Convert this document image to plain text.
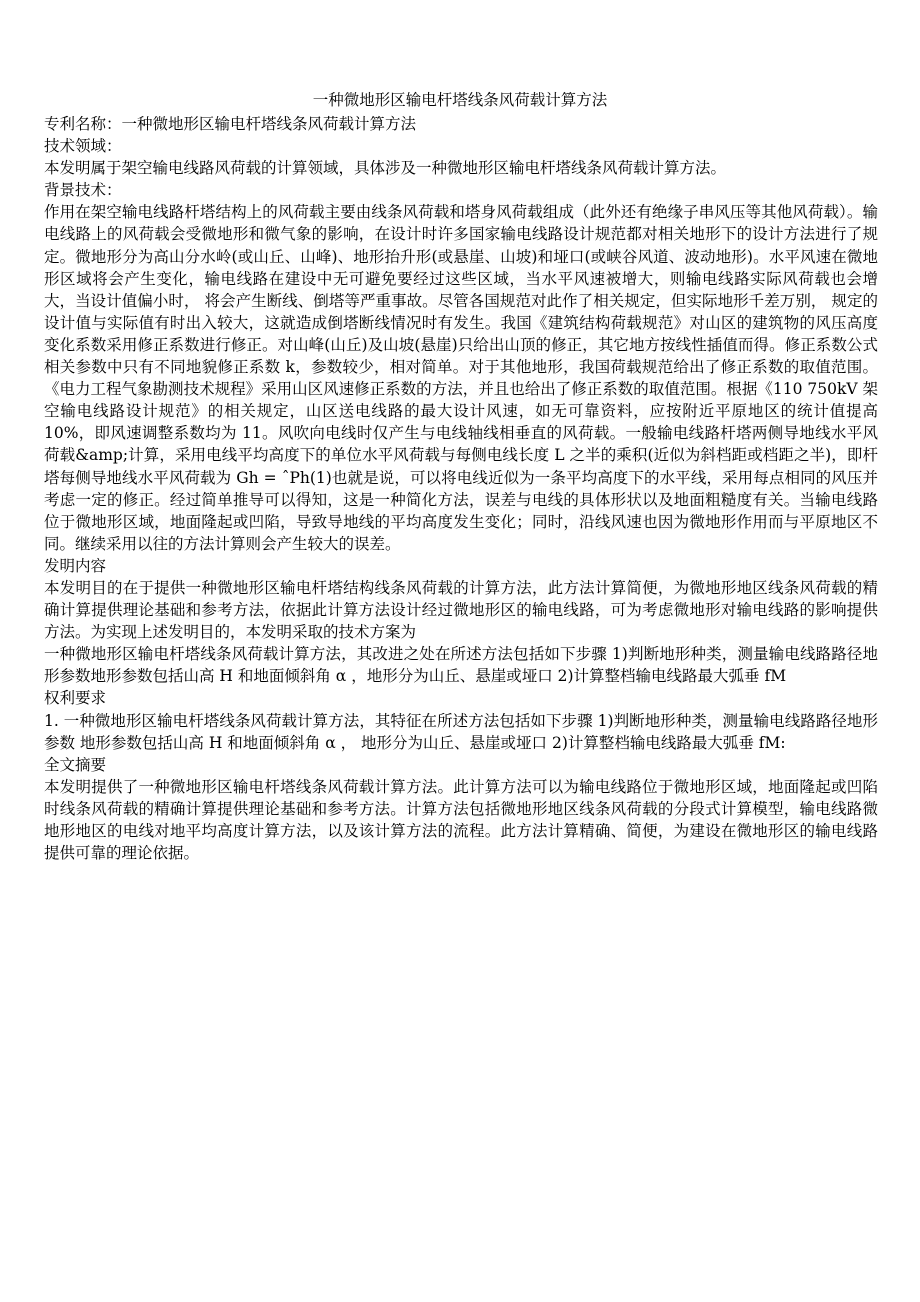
一种微地形区输电杆塔线条风荷载计算方法

专利名称：一种微地形区输电杆塔线条风荷载计算方法

技术领域：

本发明属于架空输电线路风荷载的计算领域，具体涉及一种微地形区输电杆塔线条风荷载计算方法。

背景技术：

作用在架空输电线路杆塔结构上的风荷载主要由线条风荷载和塔身风荷载组成（此外还有绝缘子串风压等其他风荷载）。输电线路上的风荷载会受微地形和微气象的影响，在设计时许多国家输电线路设计规范都对相关地形下的设计方法进行了规定。微地形分为高山分水岭(或山丘、山峰)、地形抬升形(或悬崖、山坡)和垭口(或峡谷风道、波动地形)。水平风速在微地形区域将会产生变化，输电线路在建设中无可避免要经过这些区域，当水平风速被增大，则输电线路实际风荷载也会增大，当设计值偏小时， 将会产生断线、倒塔等严重事故。尽管各国规范对此作了相关规定，但实际地形千差万别， 规定的设计值与实际值有时出入较大，这就造成倒塔断线情况时有发生。我国《建筑结构荷载规范》对山区的建筑物的风压高度变化系数采用修正系数进行修正。对山峰(山丘)及山坡(悬崖)只给出山顶的修正，其它地方按线性插值而得。修正系数公式相关参数中只有不同地貌修正系数 k，参数较少，相对简单。对于其他地形，我国荷载规范给出了修正系数的取值范围。《电力工程气象勘测技术规程》采用山区风速修正系数的方法，并且也给出了修正系数的取值范围。根据《110 750kV 架空输电线路设计规范》的相关规定，山区送电线路的最大设计风速，如无可靠资料，应按附近平原地区的统计值提高 10%，即风速调整系数均为 11。风吹向电线时仅产生与电线轴线相垂直的风荷载。一般输电线路杆塔两侧导地线水平风荷载&amp;计算，采用电线平均高度下的单位水平风荷载与每侧电线长度 L 之半的乘积(近似为斜档距或档距之半)，即杆塔每侧导地线水平风荷载为 Gh = ˆPh(1)也就是说，可以将电线近似为一条平均高度下的水平线，采用每点相同的风压并考虑一定的修正。经过简单推导可以得知，这是一种简化方法，误差与电线的具体形状以及地面粗糙度有关。当输电线路位于微地形区域，地面隆起或凹陷，导致导地线的平均高度发生变化；同时，沿线风速也因为微地形作用而与平原地区不同。继续采用以往的方法计算则会产生较大的误差。

发明内容

本发明目的在于提供一种微地形区输电杆塔结构线条风荷载的计算方法，此方法计算简便，为微地形地区线条风荷载的精确计算提供理论基础和参考方法，依据此计算方法设计经过微地形区的输电线路，可为考虑微地形对输电线路的影响提供方法。为实现上述发明目的，本发明采取的技术方案为

一种微地形区输电杆塔线条风荷载计算方法，其改进之处在所述方法包括如下步骤 1)判断地形种类，测量输电线路路径地形参数地形参数包括山高 H 和地面倾斜角 α ，地形分为山丘、悬崖或垭口 2)计算整档输电线路最大弧垂 fM

权利要求

1. 一种微地形区输电杆塔线条风荷载计算方法，其特征在所述方法包括如下步骤 1)判断地形种类，测量输电线路路径地形参数 地形参数包括山高 H 和地面倾斜角 α ， 地形分为山丘、悬崖或垭口 2)计算整档输电线路最大弧垂 fM:

全文摘要

本发明提供了一种微地形区输电杆塔线条风荷载计算方法。此计算方法可以为输电线路位于微地形区域，地面隆起或凹陷时线条风荷载的精确计算提供理论基础和参考方法。计算方法包括微地形地区线条风荷载的分段式计算模型，输电线路微地形地区的电线对地平均高度计算方法，以及该计算方法的流程。此方法计算精确、简便，为建设在微地形区的输电线路提供可靠的理论依据。
